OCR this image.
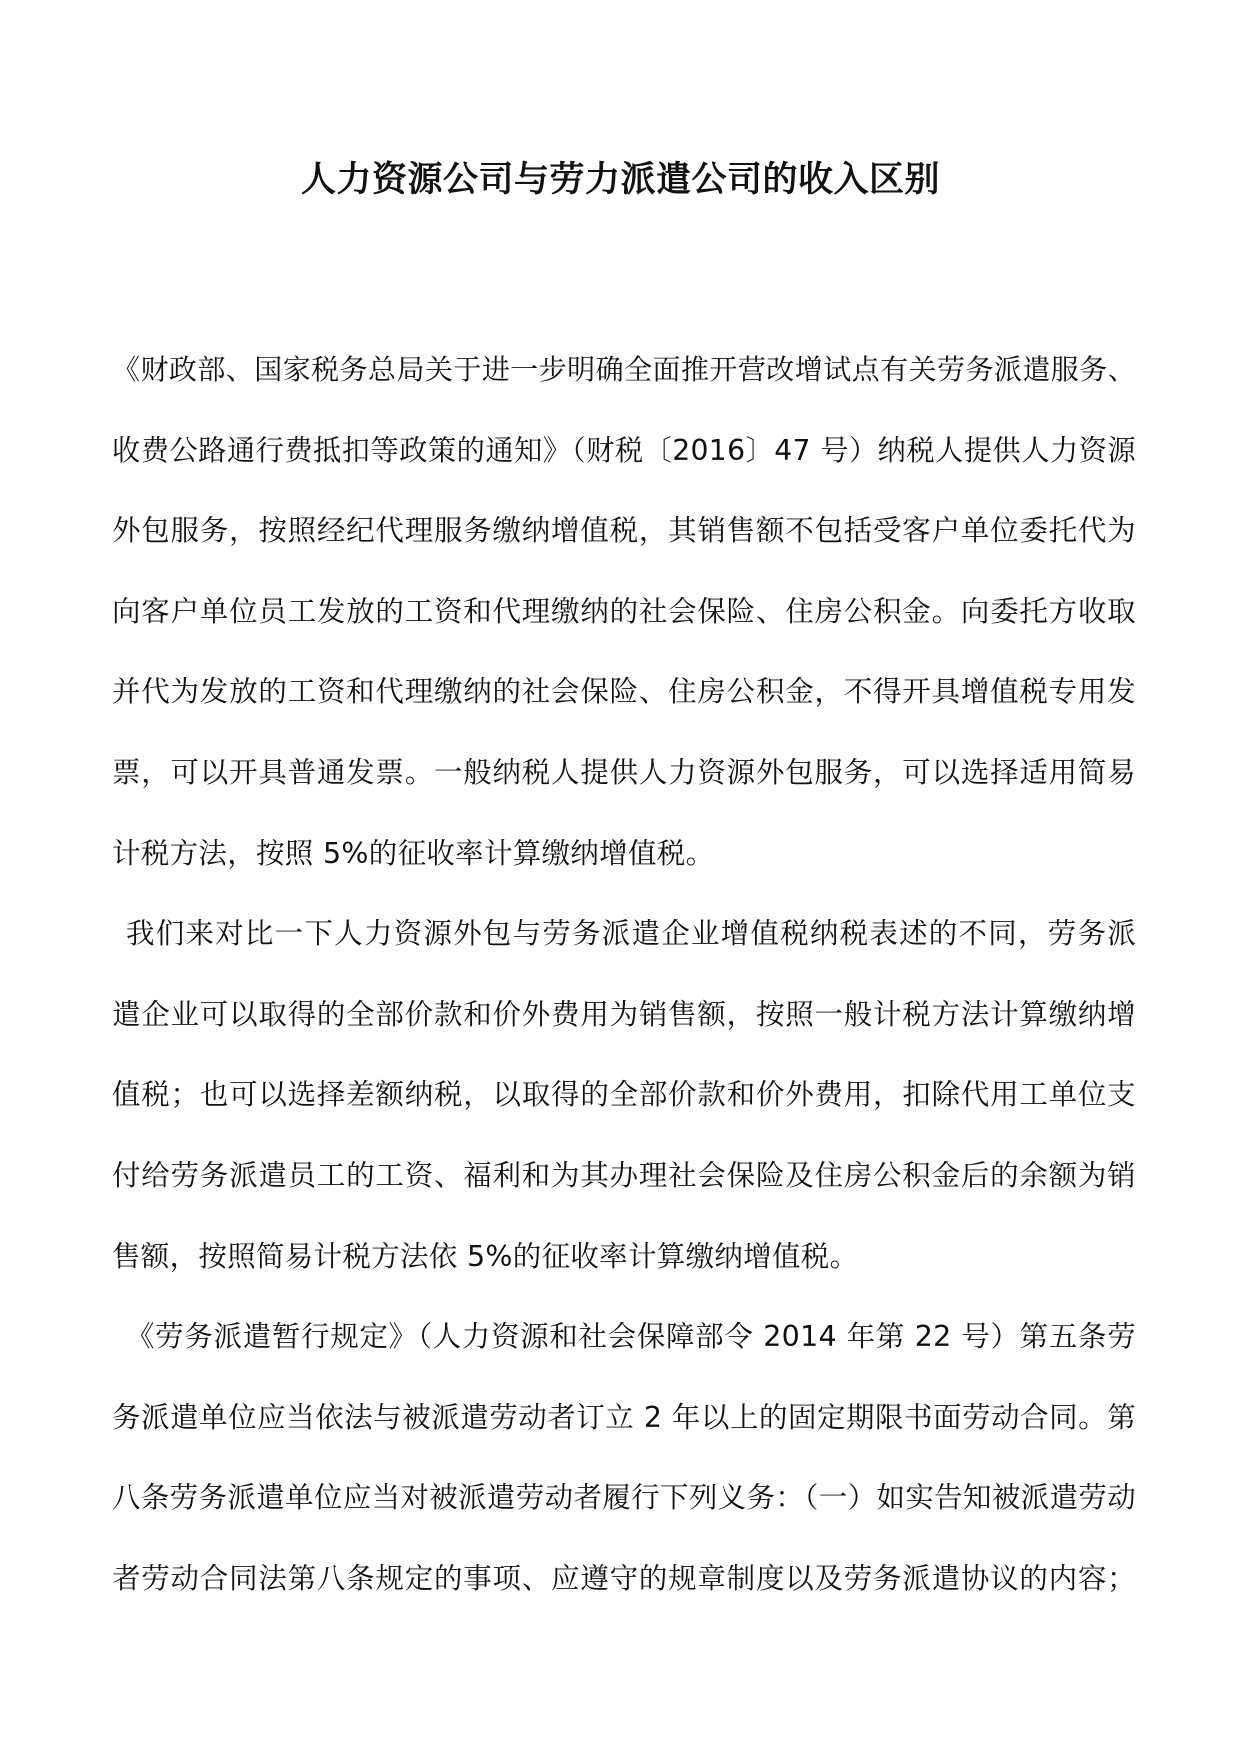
人力资源公司与劳力派遣公司的收入区别
《财政部、国家税务总局关于进一步明确全面推开营改增试点有关劳务派遣服务、
收费公路通行费抵扣等政策的通知》（财税〔2016〕47 号）纳税人提供人力资源
外包服务，按照经纪代理服务缴纳增值税，其销售额不包括受客户单位委托代为
向客户单位员工发放的工资和代理缴纳的社会保险、住房公积金。向委托方收取
并代为发放的工资和代理缴纳的社会保险、住房公积金，不得开具增值税专用发
票，可以开具普通发票。一般纳税人提供人力资源外包服务，可以选择适用简易
计税方法，按照 5%的征收率计算缴纳增值税。
我们来对比一下人力资源外包与劳务派遣企业增值税纳税表述的不同，劳务派
遣企业可以取得的全部价款和价外费用为销售额，按照一般计税方法计算缴纳增
值税；也可以选择差额纳税，以取得的全部价款和价外费用，扣除代用工单位支
付给劳务派遣员工的工资、福利和为其办理社会保险及住房公积金后的余额为销
售额，按照简易计税方法依 5%的征收率计算缴纳增值税。
《劳务派遣暂行规定》（人力资源和社会保障部令 2014 年第 22 号）第五条劳
务派遣单位应当依法与被派遣劳动者订立 2 年以上的固定期限书面劳动合同。第
八条劳务派遣单位应当对被派遣劳动者履行下列义务：（一）如实告知被派遣劳动
者劳动合同法第八条规定的事项、应遵守的规章制度以及劳务派遣协议的内容；
